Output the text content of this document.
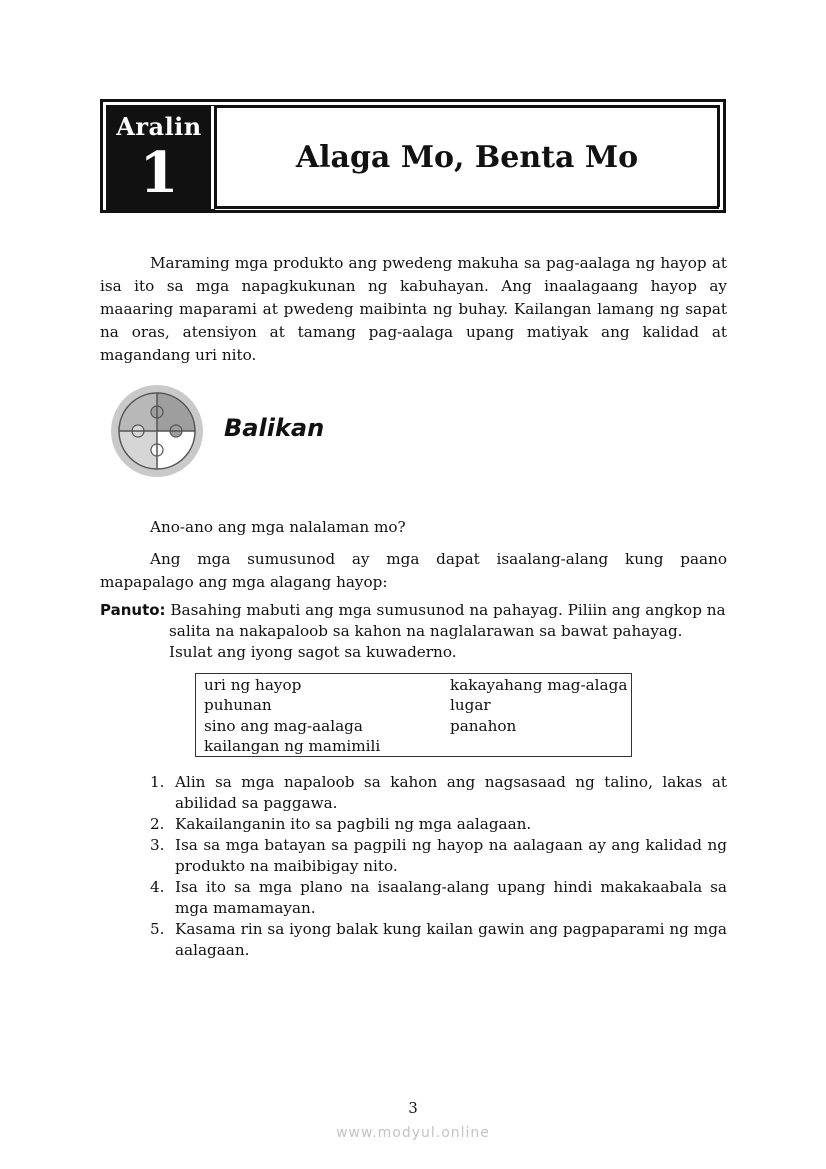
Aralin
1	Alaga Mo, Benta Mo

Maraming mga produkto ang pwedeng makuha sa pag-aalaga ng hayop at isa ito sa mga napagkukunan ng kabuhayan. Ang inaalagaang hayop ay maaaring maparami at pwedeng maibinta ng buhay. Kailangan lamang ng sapat na oras, atensiyon at tamang pag-aalaga upang matiyak ang kalidad at magandang uri nito.

Balikan

Ano-ano ang mga nalalaman mo?

Ang mga sumusunod ay mga dapat isaalang-alang kung paano mapapalago ang mga alagang hayop:

Panuto: Basahing mabuti ang mga sumusunod na pahayag. Piliin ang angkop na salita na nakapaloob sa kahon na naglalarawan sa bawat pahayag. Isulat ang iyong sagot sa kuwaderno.

uri ng hayop	kakayahang mag-alaga
puhunan	lugar
sino ang mag-aalaga	panahon
kailangan ng mamimili
1. Alin sa mga napaloob sa kahon ang nagsasaad ng talino, lakas at abilidad sa paggawa.
2. Kakailanganin ito sa pagbili ng mga aalagaan.
3. Isa sa mga batayan sa pagpili ng hayop na aalagaan ay ang kalidad ng produkto na maibibigay nito.
4. Isa ito sa mga plano na isaalang-alang upang hindi makakaabala sa mga mamamayan.
5. Kasama rin sa iyong balak kung kailan gawin ang pagpaparami ng mga aalagaan.
3
www.modyul.online
